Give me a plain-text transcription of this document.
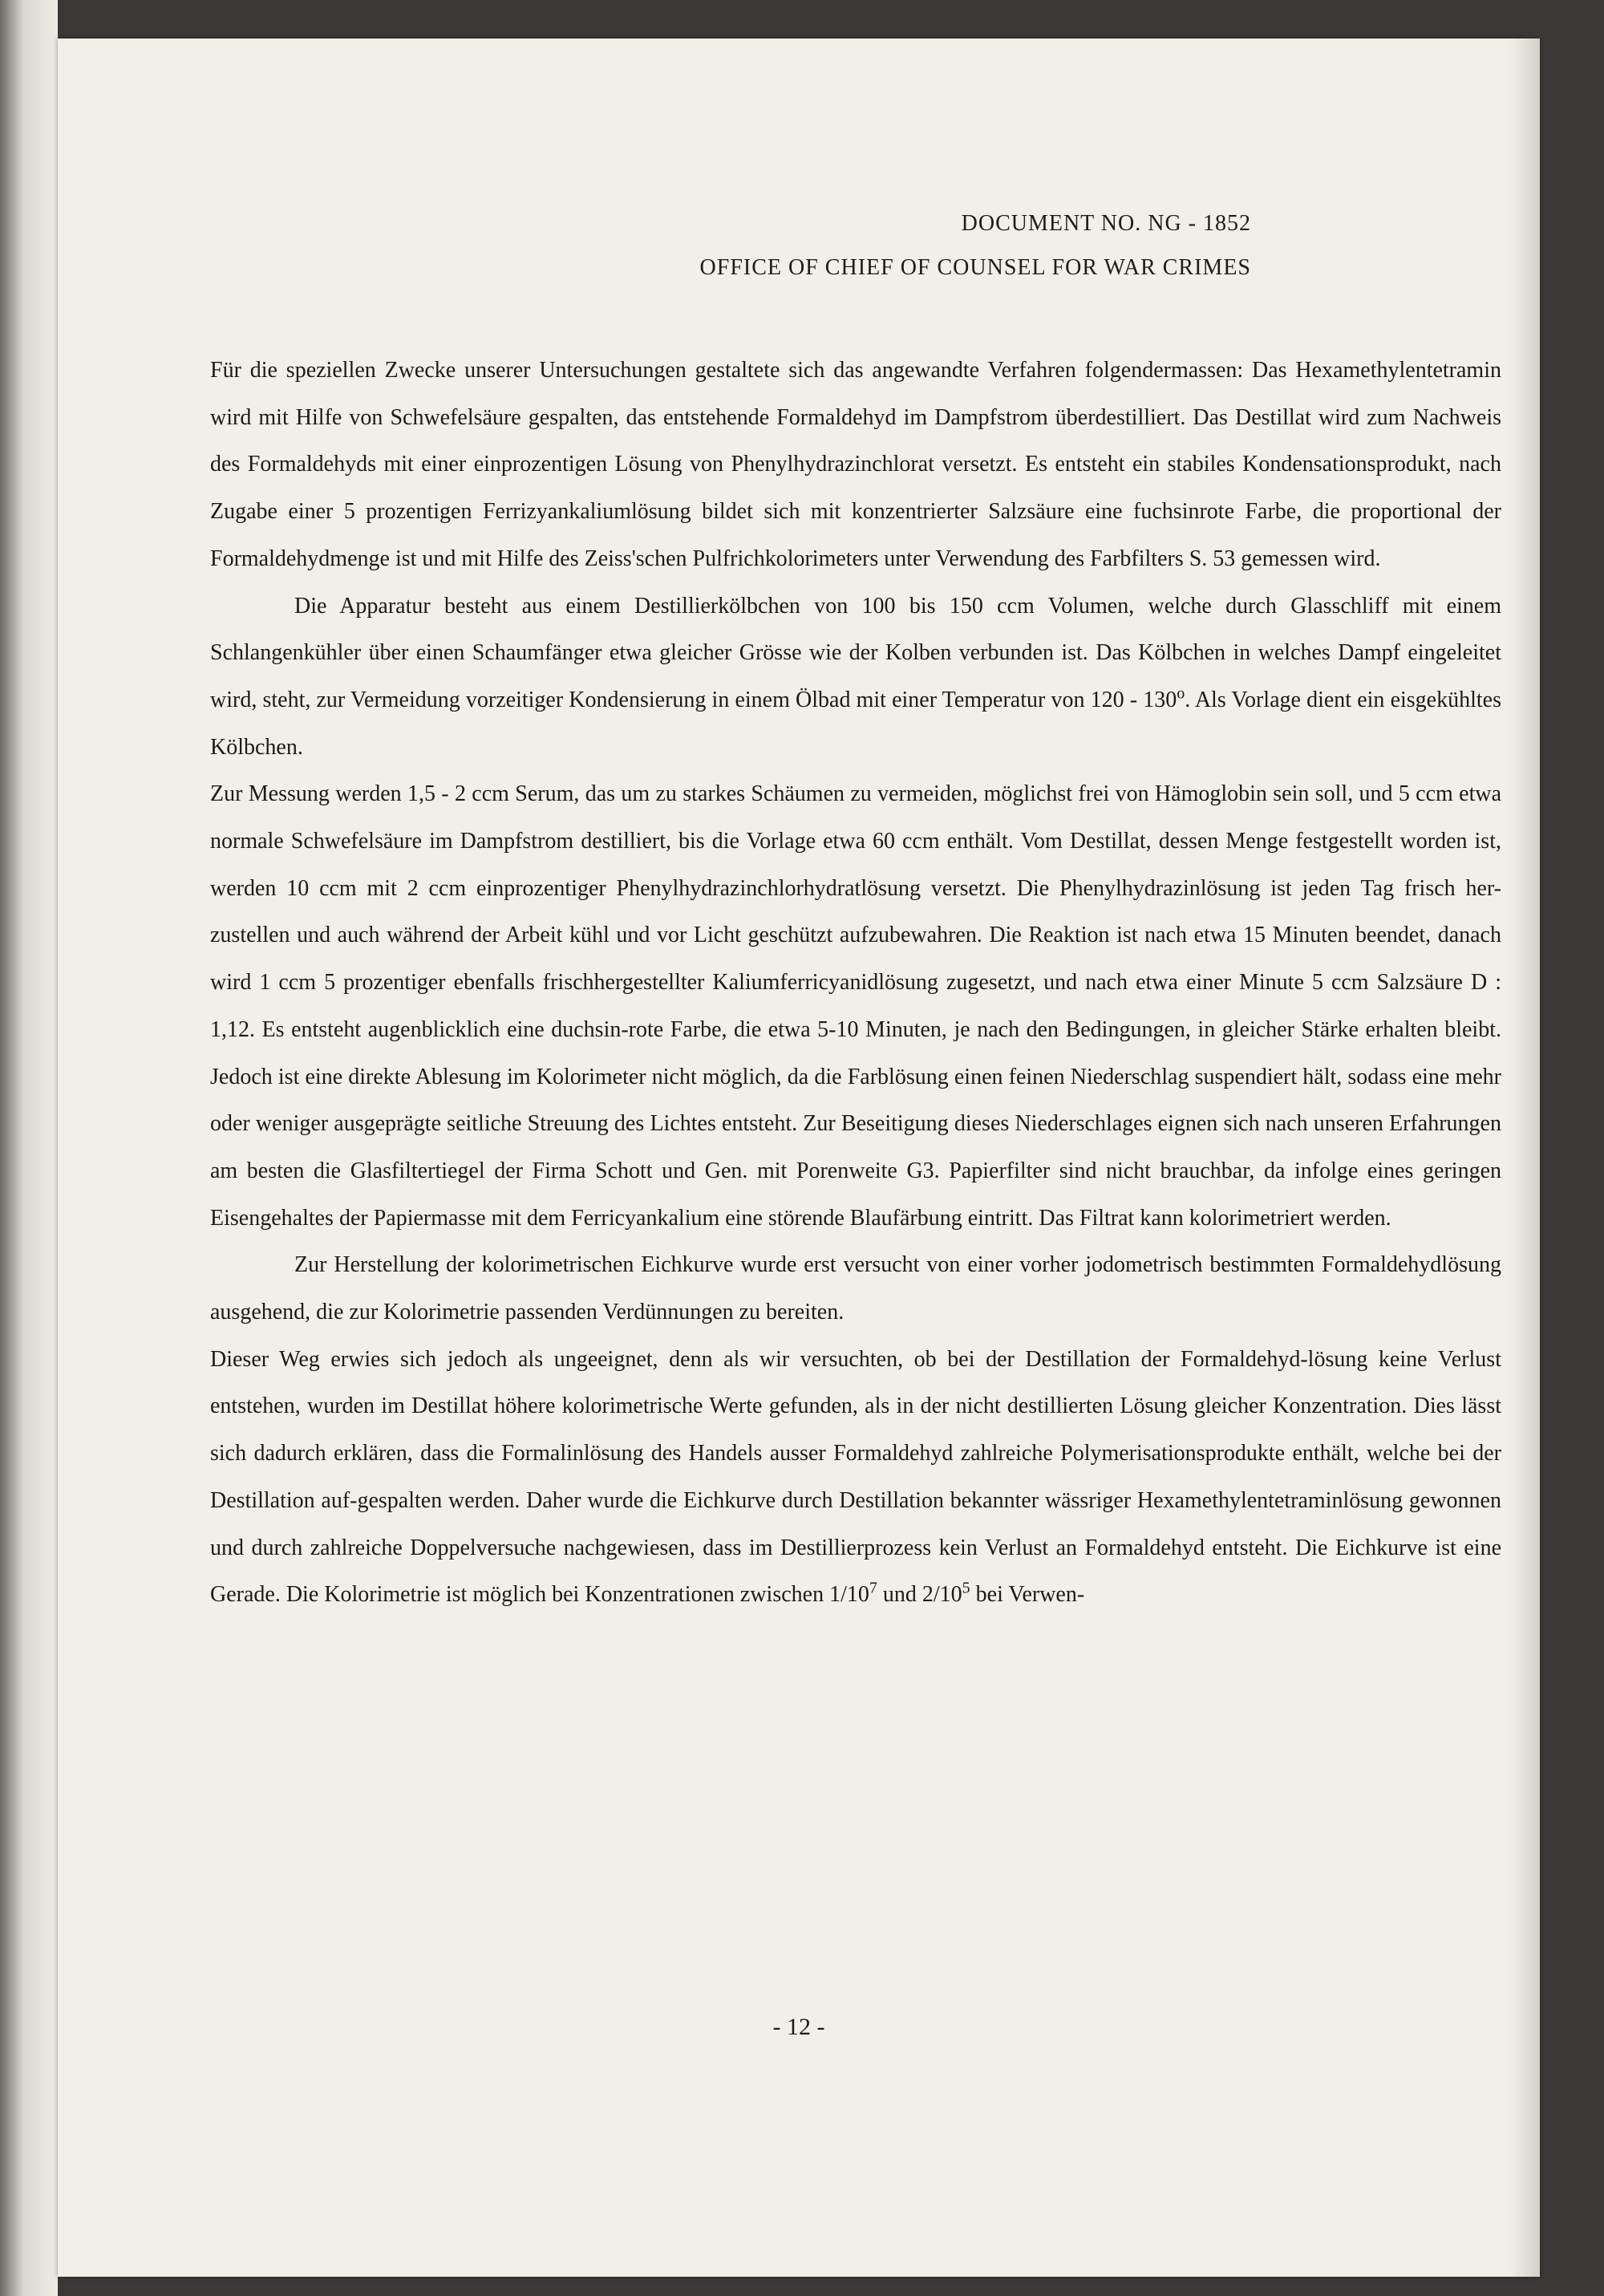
DOCUMENT NO. NG - 1852
OFFICE OF CHIEF OF COUNSEL FOR WAR CRIMES

Für die speziellen Zwecke unserer Untersuchungen gestaltete sich das angewandte Verfahren folgendermassen: Das Hexamethylentetramin wird mit Hilfe von Schwefelsäure gespalten, das entstehende Formaldehyd im Dampfstrom überdestilliert. Das Destillat wird zum Nachweis des Formaldehyds mit einer einprozentigen Lösung von Phenylhydrazinchlorat versetzt. Es entsteht ein stabiles Kondensationsprodukt, nach Zugabe einer 5 prozentigen Ferrizyankaliumlösung bildet sich mit konzentrierter Salzsäure eine fuchsinrote Farbe, die proportional der Formaldehydmenge ist und mit Hilfe des Zeiss'schen Pulfrichkolorimeters unter Verwendung des Farbfilters S. 53 gemessen wird.

Die Apparatur besteht aus einem Destillierkölbchen von 100 bis 150 ccm Volumen, welche durch Glasschliff mit einem Schlangenkühler über einen Schaumfänger etwa gleicher Grösse wie der Kolben verbunden ist. Das Kölbchen in welches Dampf eingeleitet wird, steht, zur Vermeidung vorzeitiger Kondensierung in einem Ölbad mit einer Temperatur von 120 - 130$^o$. Als Vorlage dient ein eisgekühltes Kölbchen.

Zur Messung werden 1,5 - 2 ccm Serum, das um zu starkes Schäumen zu vermeiden, möglichst frei von Hämoglobin sein soll, und 5 ccm etwa normale Schwefelsäure im Dampfstrom destilliert, bis die Vorlage etwa 60 ccm enthält. Vom Destillat, dessen Menge festgestellt worden ist, werden 10 ccm mit 2 ccm einprozentiger Phenylhydrazinchlorhydratlösung versetzt. Die Phenylhydrazinlösung ist jeden Tag frisch her-zustellen und auch während der Arbeit kühl und vor Licht geschützt aufzubewahren. Die Reaktion ist nach etwa 15 Minuten beendet, danach wird 1 ccm 5 prozentiger ebenfalls frischhergestellter Kaliumferricyanidlösung zugesetzt, und nach etwa einer Minute 5 ccm Salzsäure D : 1,12. Es entsteht augenblicklich eine duchsin-rote Farbe, die etwa 5-10 Minuten, je nach den Bedingungen, in gleicher Stärke erhalten bleibt. Jedoch ist eine direkte Ablesung im Kolorimeter nicht möglich, da die Farblösung einen feinen Niederschlag suspendiert hält, sodass eine mehr oder weniger ausgeprägte seitliche Streuung des Lichtes entsteht. Zur Beseitigung dieses Niederschlages eignen sich nach unseren Erfahrungen am besten die Glasfiltertiegel der Firma Schott und Gen. mit Porenweite G3. Papierfilter sind nicht brauchbar, da infolge eines geringen Eisengehaltes der Papiermasse mit dem Ferricyankalium eine störende Blaufärbung eintritt. Das Filtrat kann kolorimetriert werden.

Zur Herstellung der kolorimetrischen Eichkurve wurde erst versucht von einer vorher jodometrisch bestimmten Formaldehydlösung ausgehend, die zur Kolorimetrie passenden Verdünnungen zu bereiten.

Dieser Weg erwies sich jedoch als ungeeignet, denn als wir versuchten, ob bei der Destillation der Formaldehyd-lösung keine Verlust entstehen, wurden im Destillat höhere kolorimetrische Werte gefunden, als in der nicht destillierten Lösung gleicher Konzentration. Dies lässt sich dadurch erklären, dass die Formalinlösung des Handels ausser Formaldehyd zahlreiche Polymerisationsprodukte enthält, welche bei der Destillation auf-gespalten werden. Daher wurde die Eichkurve durch Destillation bekannter wässriger Hexamethylentetraminlösung gewonnen und durch zahlreiche Doppelversuche nachgewiesen, dass im Destillierprozess kein Verlust an Formaldehyd entsteht. Die Eichkurve ist eine Gerade. Die Kolorimetrie ist möglich bei Konzentrationen zwischen $1/10^7$ und $2/10^5$ bei Verwen-

- 12 -
